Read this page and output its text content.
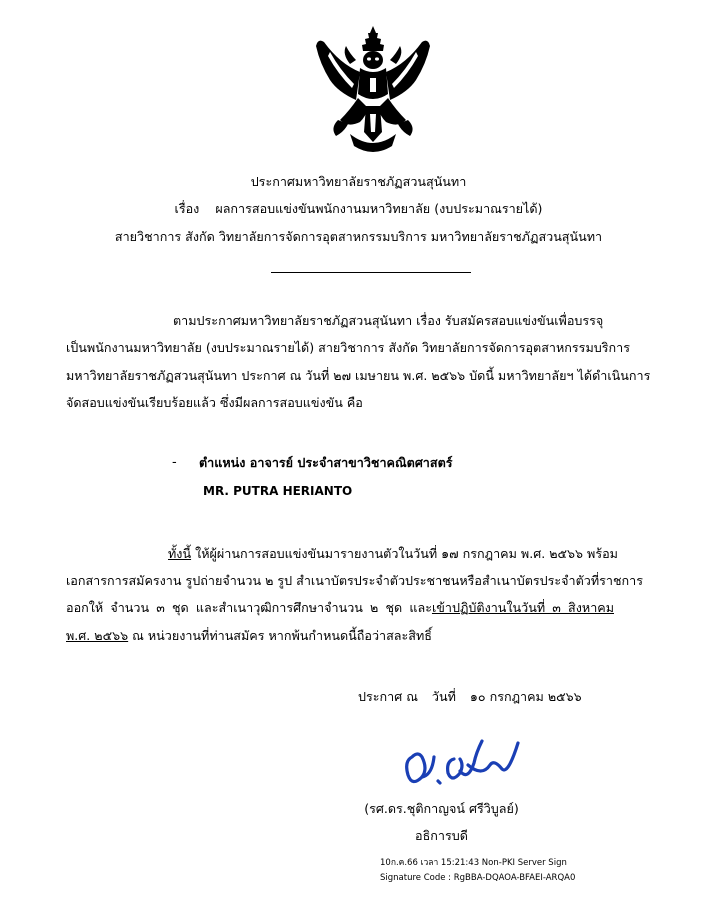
ประกาศมหาวิทยาลัยราชภัฏสวนสุนันทา
เรื่อง ผลการสอบแข่งขันพนักงานมหาวิทยาลัย (งบประมาณรายได้)
สายวิชาการ สังกัด วิทยาลัยการจัดการอุตสาหกรรมบริการ มหาวิทยาลัยราชภัฏสวนสุนันทา
ตามประกาศมหาวิทยาลัยราชภัฏสวนสุนันทา เรื่อง รับสมัครสอบแข่งขันเพื่อบรรจุ
เป็นพนักงานมหาวิทยาลัย (งบประมาณรายได้) สายวิชาการ สังกัด วิทยาลัยการจัดการอุตสาหกรรมบริการ
มหาวิทยาลัยราชภัฏสวนสุนันทา ประกาศ ณ วันที่ ๒๗ เมษายน พ.ศ. ๒๕๖๖ บัดนี้ มหาวิทยาลัยฯ ได้ดำเนินการ
จัดสอบแข่งขันเรียบร้อยแล้ว ซึ่งมีผลการสอบแข่งขัน คือ
- ตำแหน่ง อาจารย์ ประจำสาขาวิชาคณิตศาสตร์
MR. PUTRA HERIANTO
ทั้งนี้ ให้ผู้ผ่านการสอบแข่งขันมารายงานตัวในวันที่ ๑๗ กรกฎาคม พ.ศ. ๒๕๖๖ พร้อม
เอกสารการสมัครงาน รูปถ่ายจำนวน ๒ รูป สำเนาบัตรประจำตัวประชาชนหรือสำเนาบัตรประจำตัวที่ราชการ
ออกให้ จำนวน ๓ ชุด และสำเนาวุฒิการศึกษาจำนวน ๒ ชุด และเข้าปฏิบัติงานในวันที่ ๓ สิงหาคม
พ.ศ. ๒๕๖๖ ณ หน่วยงานที่ท่านสมัคร หากพ้นกำหนดนี้ถือว่าสละสิทธิ์
ประกาศ ณ วันที่ ๑๐ กรกฎาคม ๒๕๖๖
(รศ.ดร.ชุติกาญจน์ ศรีวิบูลย์)
อธิการบดี
10ก.ค.66 เวลา 15:21:43 Non-PKI Server Sign
Signature Code : RgBBA-DQAOA-BFAEI-ARQA0
